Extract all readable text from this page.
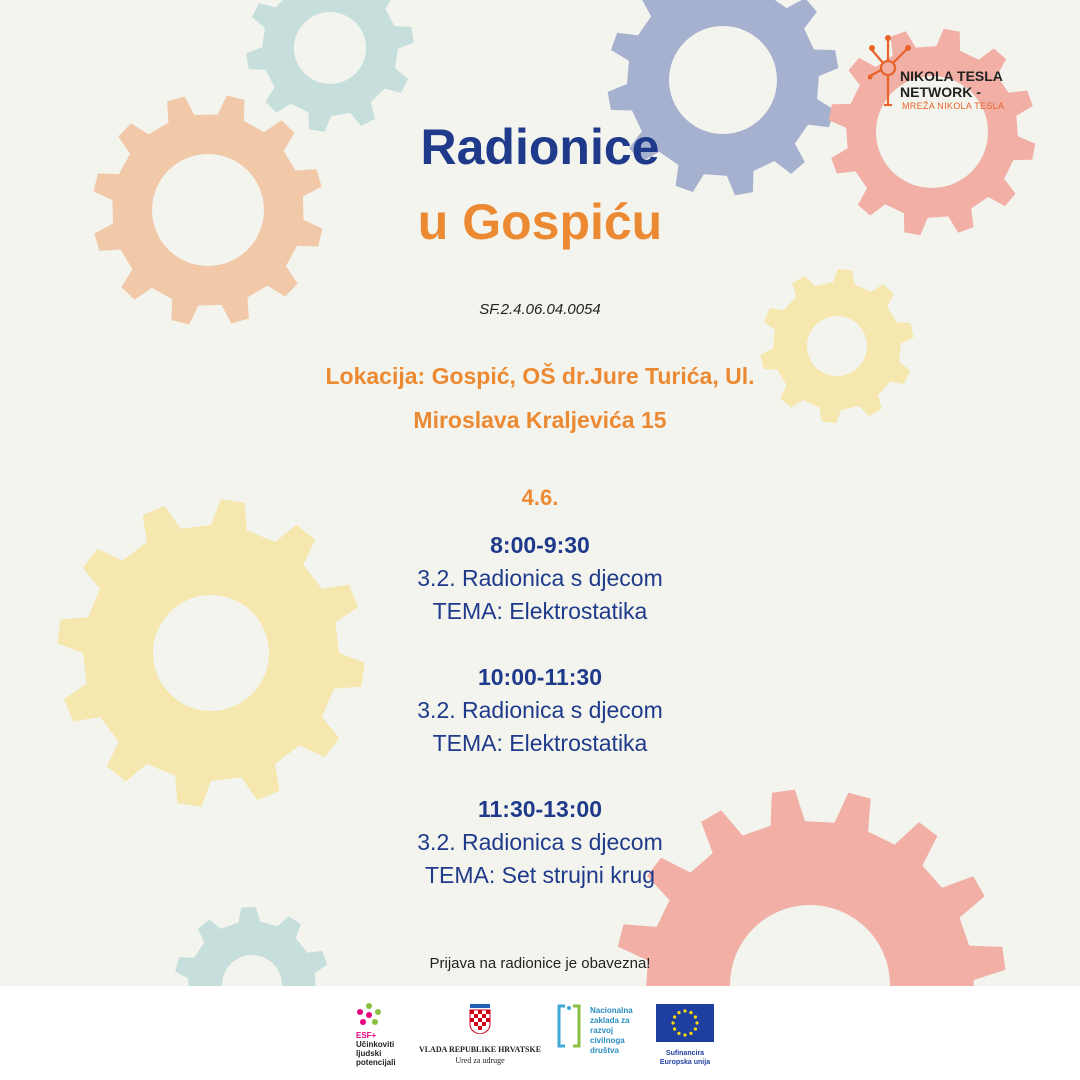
Radionice
u Gospiću
SF.2.4.06.04.0054
Lokacija: Gospić, OŠ dr.Jure Turića, Ul.
Miroslava Kraljevića 15
4.6.
8:00-9:30
3.2. Radionica s djecom
TEMA: Elektrostatika
10:00-11:30
3.2. Radionica s djecom
TEMA: Elektrostatika
11:30-13:00
3.2. Radionica s djecom
TEMA: Set strujni krug
Prijava na radionice je obavezna!
NIKOLA TESLA
NETWORK -
MREŽA NIKOLA TESLA
ESF+
Učinkoviti
ljudski
potencijali
VLADA REPUBLIKE HRVATSKE
Ured za udruge
Nacionalna
zaklada za
razvoj
civilnoga
društva	Sufinancira
Europska unija
